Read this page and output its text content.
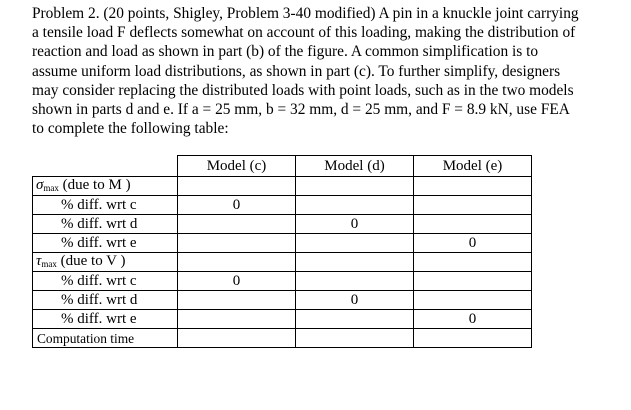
Problem 2. (20 points, Shigley, Problem 3-40 modified) A pin in a knuckle joint carrying

a tensile load F deflects somewhat on account of this loading, making the distribution of

reaction and load as shown in part (b) of the figure. A common simplification is to

assume uniform load distributions, as shown in part (c). To further simplify, designers

may consider replacing the distributed loads with point loads, such as in the two models

shown in parts d and e. If a = 25 mm, b = 32 mm, d = 25 mm, and F = 8.9 kN, use FEA

to complete the following table:

	Model (c)	Model (d)	Model (e)
σmax (due to M )			
% diff. wrt c	0		
% diff. wrt d		0	
% diff. wrt e			0
τmax (due to V )			
% diff. wrt c	0		
% diff. wrt d		0	
% diff. wrt e			0
Computation time			
